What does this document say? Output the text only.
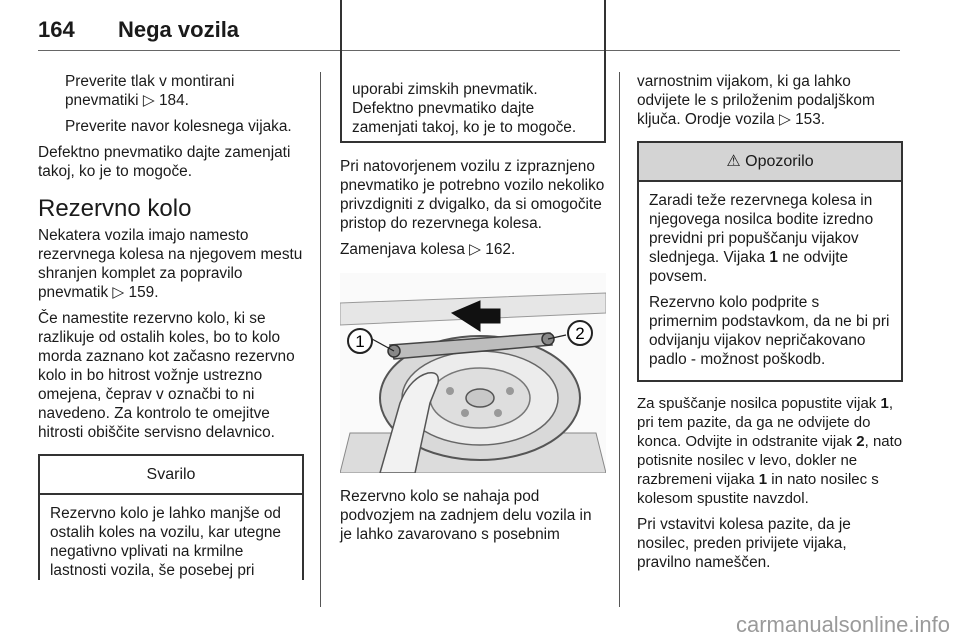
164 Nega vozila

Preverite tlak v montirani pnevmatiki ▷ 184.

Preverite navor kolesnega vijaka.

Defektno pnevmatiko dajte zamenjati takoj, ko je to mogoče.

Rezervno kolo

Nekatera vozila imajo namesto rezervnega kolesa na njegovem mestu shranjen komplet za popravilo pnevmatik ▷ 159.

Če namestite rezervno kolo, ki se razlikuje od ostalih koles, bo to kolo morda zaznano kot začasno rezervno kolo in bo hitrost vožnje ustrezno omejena, čeprav v označbi to ni navedeno. Za kontrolo te omejitve hitrosti obiščite servisno delavnico.

Svarilo
Rezervno kolo je lahko manjše od ostalih koles na vozilu, kar utegne negativno vplivati na krmilne lastnosti vozila, še posebej pri
uporabi zimskih pnevmatik. Defektno pnevmatiko dajte zamenjati takoj, ko je to mogoče.

Pri natovorjenem vozilu z izpraznjeno pnevmatiko je potrebno vozilo nekoliko privzdigniti z dvigalko, da si omogočite pristop do rezervnega kolesa.

Zamenjava kolesa ▷ 162.

1	2

Rezervno kolo se nahaja pod podvozjem na zadnjem delu vozila in je lahko zavarovano s posebnim

varnostnim vijakom, ki ga lahko odvijete le s priloženim podaljškom ključa. Orodje vozila ▷ 153.

⚠ Opozorilo

Zaradi teže rezervnega kolesa in njegovega nosilca bodite izredno previdni pri popuščanju vijakov slednjega. Vijaka 1 ne odvijte povsem.

Rezervno kolo podprite s primernim podstavkom, da ne bi pri odvijanju vijakov nepričakovano padlo - možnost poškodb.

Za spuščanje nosilca popustite vijak 1, pri tem pazite, da ga ne odvijete do konca. Odvijte in odstranite vijak 2, nato potisnite nosilec v levo, dokler ne razbremeni vijaka 1 in nato nosilec s kolesom spustite navzdol.

Pri vstavitvi kolesa pazite, da je nosilec, preden privijete vijaka, pravilno nameščen.

carmanualsonline.info
